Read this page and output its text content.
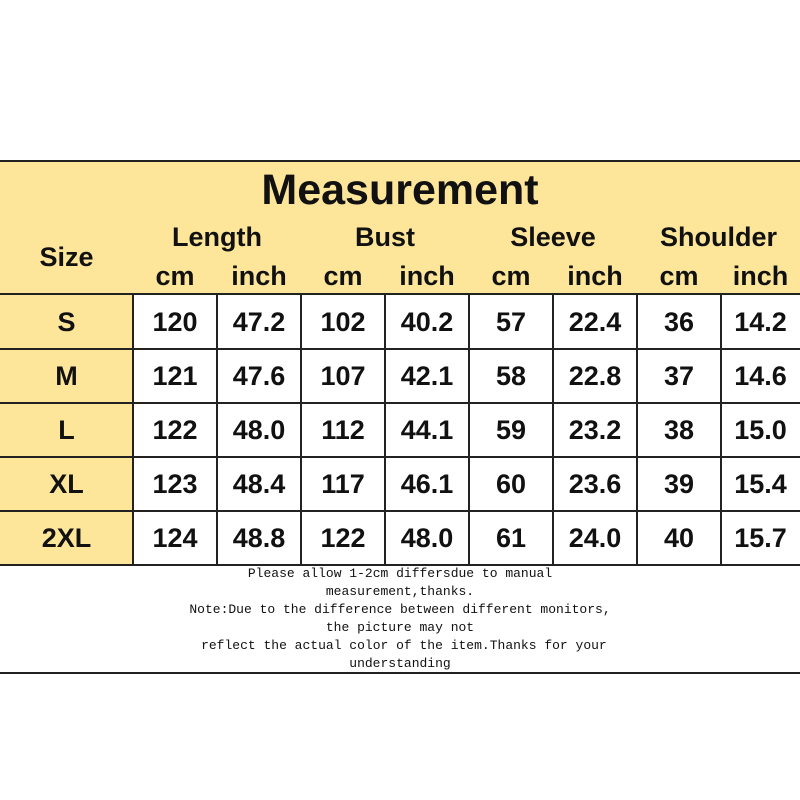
Measurement
Size
Length	Bust	Sleeve	Shoulder
cm	inch	cm	inch	cm	inch	cm	inch
S	120	47.2	102	40.2	57	22.4	36	14.2
M	121	47.6	107	42.1	58	22.8	37	14.6
L	122	48.0	112	44.1	59	23.2	38	15.0
XL	123	48.4	117	46.1	60	23.6	39	15.4
2XL	124	48.8	122	48.0	61	24.0	40	15.7
Please allow 1-2cm differsdue to manual
measurement,thanks.
Note:Due to the difference between different monitors,
the picture may not
reflect the actual color of the item.Thanks for your
understanding
